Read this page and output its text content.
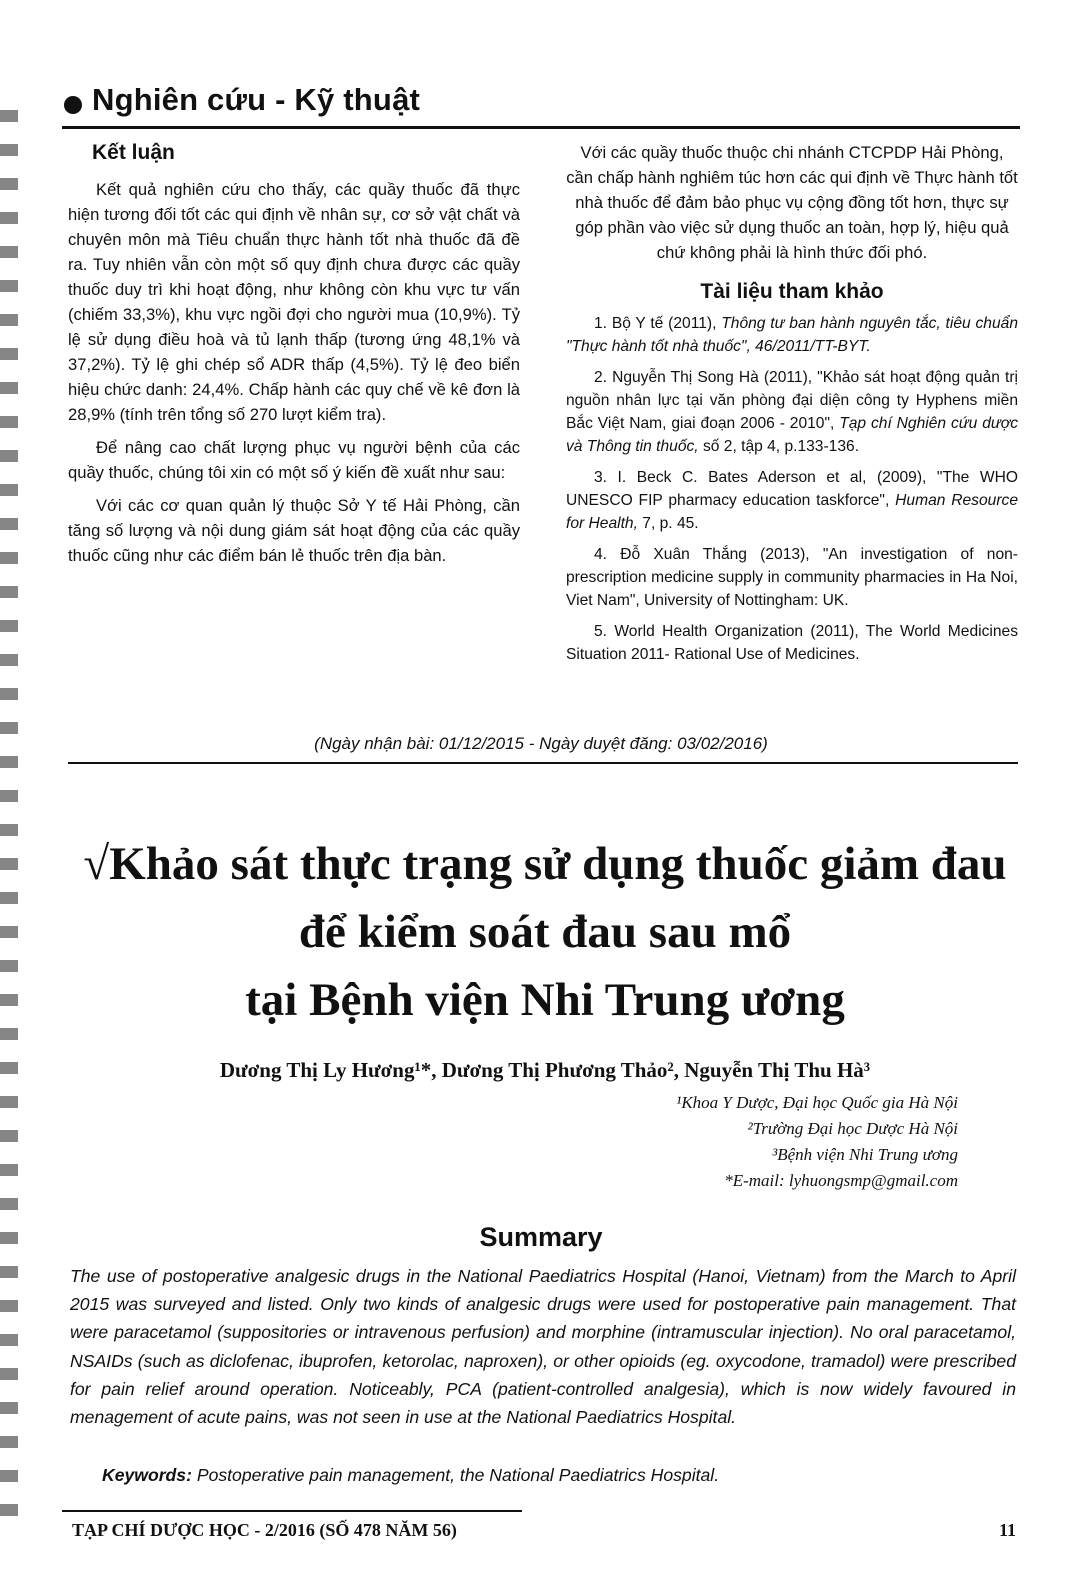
Nghiên cứu - Kỹ thuật
Kết luận

Kết quả nghiên cứu cho thấy, các quầy thuốc đã thực hiện tương đối tốt các qui định về nhân sự, cơ sở vật chất và chuyên môn mà Tiêu chuẩn thực hành tốt nhà thuốc đã đề ra. Tuy nhiên vẫn còn một số quy định chưa được các quầy thuốc duy trì khi hoạt động, như không còn khu vực tư vấn (chiếm 33,3%), khu vực ngồi đợi cho người mua (10,9%). Tỷ lệ sử dụng điều hoà và tủ lạnh thấp (tương ứng 48,1% và 37,2%). Tỷ lệ ghi chép sổ ADR thấp (4,5%). Tỷ lệ đeo biển hiệu chức danh: 24,4%. Chấp hành các quy chế về kê đơn là 28,9% (tính trên tổng số 270 lượt kiểm tra).

Để nâng cao chất lượng phục vụ người bệnh của các quầy thuốc, chúng tôi xin có một số ý kiến đề xuất như sau:

Với các cơ quan quản lý thuộc Sở Y tế Hải Phòng, cần tăng số lượng và nội dung giám sát hoạt động của các quầy thuốc cũng như các điểm bán lẻ thuốc trên địa bàn.

Với các quầy thuốc thuộc chi nhánh CTCPDP Hải Phòng, cần chấp hành nghiêm túc hơn các qui định về Thực hành tốt nhà thuốc để đảm bảo phục vụ cộng đồng tốt hơn, thực sự góp phần vào việc sử dụng thuốc an toàn, hợp lý, hiệu quả chứ không phải là hình thức đối phó.

Tài liệu tham khảo

1. Bộ Y tế (2011), Thông tư ban hành nguyên tắc, tiêu chuẩn "Thực hành tốt nhà thuốc", 46/2011/TT-BYT.

2. Nguyễn Thị Song Hà (2011), "Khảo sát hoạt động quản trị nguồn nhân lực tại văn phòng đại diện công ty Hyphens miền Bắc Việt Nam, giai đoạn 2006 - 2010", Tạp chí Nghiên cứu dược và Thông tin thuốc, số 2, tập 4, p.133-136.

3. I. Beck C. Bates Aderson et al, (2009), "The WHO UNESCO FIP pharmacy education taskforce", Human Resource for Health, 7, p. 45.

4. Đỗ Xuân Thắng (2013), "An investigation of non-prescription medicine supply in community pharmacies in Ha Noi, Viet Nam", University of Nottingham: UK.

5. World Health Organization (2011), The World Medicines Situation 2011- Rational Use of Medicines.

(Ngày nhận bài: 01/12/2015 - Ngày duyệt đăng: 03/02/2016)
√Khảo sát thực trạng sử dụng thuốc giảm đau
để kiểm soát đau sau mổ
tại Bệnh viện Nhi Trung ương
Dương Thị Ly Hương¹*, Dương Thị Phương Thảo², Nguyễn Thị Thu Hà³
¹Khoa Y Dược, Đại học Quốc gia Hà Nội
²Trường Đại học Dược Hà Nội
³Bệnh viện Nhi Trung ương
*E-mail: lyhuongsmp@gmail.com
Summary
The use of postoperative analgesic drugs in the National Paediatrics Hospital (Hanoi, Vietnam) from the March to April 2015 was surveyed and listed. Only two kinds of analgesic drugs were used for postoperative pain management. That were paracetamol (suppositories or intravenous perfusion) and morphine (intramuscular injection). No oral paracetamol, NSAIDs (such as diclofenac, ibuprofen, ketorolac, naproxen), or other opioids (eg. oxycodone, tramadol) were prescribed for pain relief around operation. Noticeably, PCA (patient-controlled analgesia), which is now widely favoured in menagement of acute pains, was not seen in use at the National Paediatrics Hospital.
Keywords: Postoperative pain management, the National Paediatrics Hospital.
TẠP CHÍ DƯỢC HỌC - 2/2016 (SỐ 478 NĂM 56)	11
